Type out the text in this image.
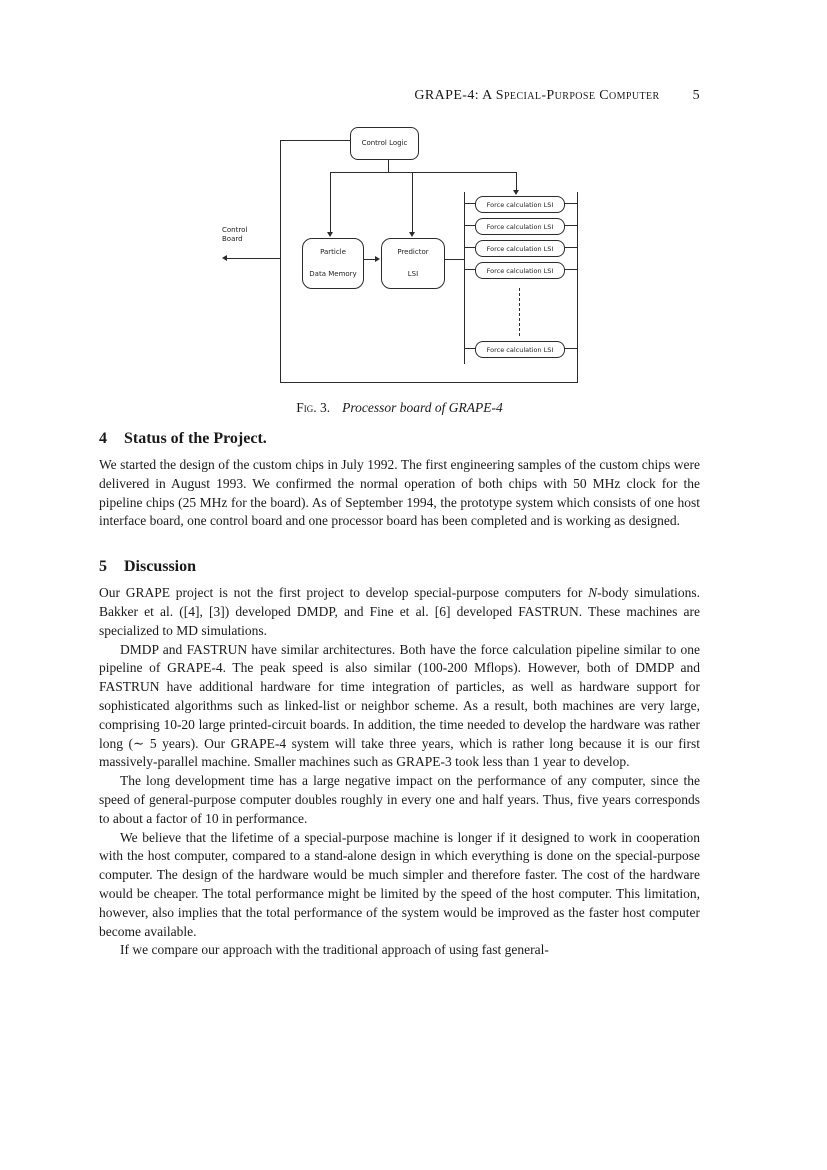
GRAPE-4: A Special-Purpose Computer 5
Control
Board
Control Logic
Particle
Data Memory
Predictor
LSI
Force calculation LSI
Force calculation LSI
Force calculation LSI
Force calculation LSI
Force calculation LSI
Fig. 3. Processor board of GRAPE-4
4 Status of the Project.

We started the design of the custom chips in July 1992. The first engineering samples of the custom chips were delivered in August 1993. We confirmed the normal operation of both chips with 50 MHz clock for the pipeline chips (25 MHz for the board). As of September 1994, the prototype system which consists of one host interface board, one control board and one processor board has been completed and is working as designed.

5 Discussion

Our GRAPE project is not the first project to develop special-purpose computers for N-body simulations. Bakker et al. ([4], [3]) developed DMDP, and Fine et al. [6] developed FASTRUN. These machines are specialized to MD simulations.

DMDP and FASTRUN have similar architectures. Both have the force calculation pipeline similar to one pipeline of GRAPE-4. The peak speed is also similar (100-200 Mflops). However, both of DMDP and FASTRUN have additional hardware for time integration of particles, as well as hardware support for sophisticated algorithms such as linked-list or neighbor scheme. As a result, both machines are very large, comprising 10-20 large printed-circuit boards. In addition, the time needed to develop the hardware was rather long (∼ 5 years). Our GRAPE-4 system will take three years, which is rather long because it is our first massively-parallel machine. Smaller machines such as GRAPE-3 took less than 1 year to develop.

The long development time has a large negative impact on the performance of any computer, since the speed of general-purpose computer doubles roughly in every one and half years. Thus, five years corresponds to about a factor of 10 in performance.

We believe that the lifetime of a special-purpose machine is longer if it designed to work in cooperation with the host computer, compared to a stand-alone design in which everything is done on the special-purpose computer. The design of the hardware would be much simpler and therefore faster. The cost of the hardware would be cheaper. The total performance might be limited by the speed of the host computer. This limitation, however, also implies that the total performance of the system would be improved as the faster host computer become available.

If we compare our approach with the traditional approach of using fast general-
